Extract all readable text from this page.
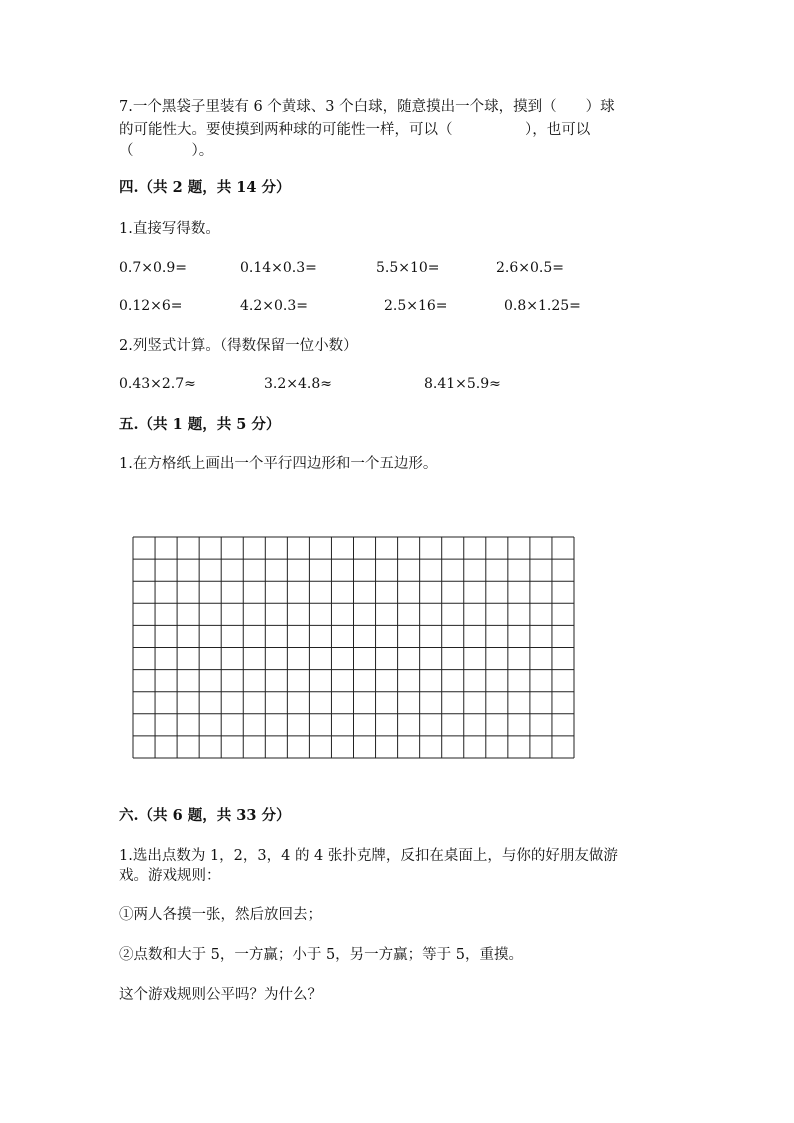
7.一个黑袋子里装有 6 个黄球、3 个白球，随意摸出一个球，摸到（　　）球
的可能性大。要使摸到两种球的可能性一样，可以（　　　　　），也可以
（　　　　）。
四.（共 2 题，共 14 分）
1.直接写得数。
0.7×0.9=	0.14×0.3=	5.5×10=	2.6×0.5=
0.12×6=	4.2×0.3=	2.5×16=	0.8×1.25=
2.列竖式计算。（得数保留一位小数）
0.43×2.7≈	3.2×4.8≈	8.41×5.9≈
五.（共 1 题，共 5 分）
1.在方格纸上画出一个平行四边形和一个五边形。
六.（共 6 题，共 33 分）
1.选出点数为 1，2，3，4 的 4 张扑克牌，反扣在桌面上，与你的好朋友做游
戏。游戏规则：
①两人各摸一张，然后放回去；
②点数和大于 5，一方赢；小于 5，另一方赢；等于 5，重摸。
这个游戏规则公平吗？为什么？
